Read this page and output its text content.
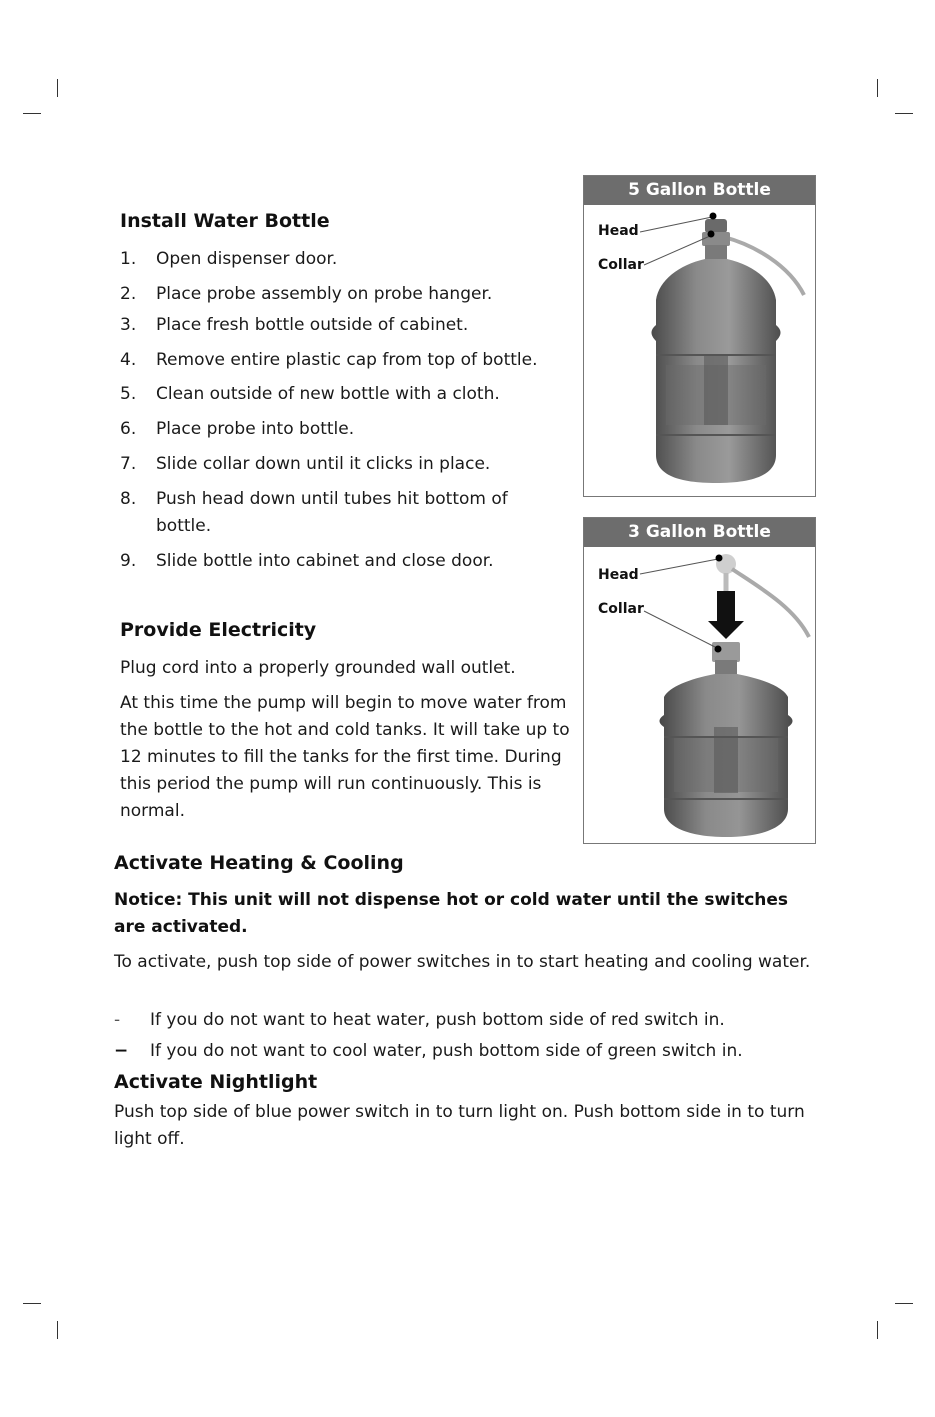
Install Water Bottle
1. Open dispenser door.
2. Place probe assembly on probe hanger.
3. Place fresh bottle outside of cabinet.
4. Remove entire plastic cap from top of bottle.
5. Clean outside of new bottle with a cloth.
6. Place probe into bottle.
7. Slide collar down until it clicks in place.
8. Push head down until tubes hit bottom of bottle.
9. Slide bottle into cabinet and close door.
Provide Electricity

Plug cord into a properly grounded wall outlet.

At this time the pump will begin to move water from the bottle to the hot and cold tanks. It will take up to 12 minutes to fill the tanks for the first time. During this period the pump will run continuously. This is normal.

5 Gallon Bottle
Head
Collar
3 Gallon Bottle
Head
Collar
Activate Heating & Cooling

Notice: This unit will not dispense hot or cold water until the switches are activated.

To activate, push top side of power switches in to start heating and cooling water.

- If you do not want to heat water, push bottom side of red switch in.
− If you do not want to cool water, push bottom side of green switch in.
Activate Nightlight

Push top side of blue power switch in to turn light on. Push bottom side in to turn light off.
